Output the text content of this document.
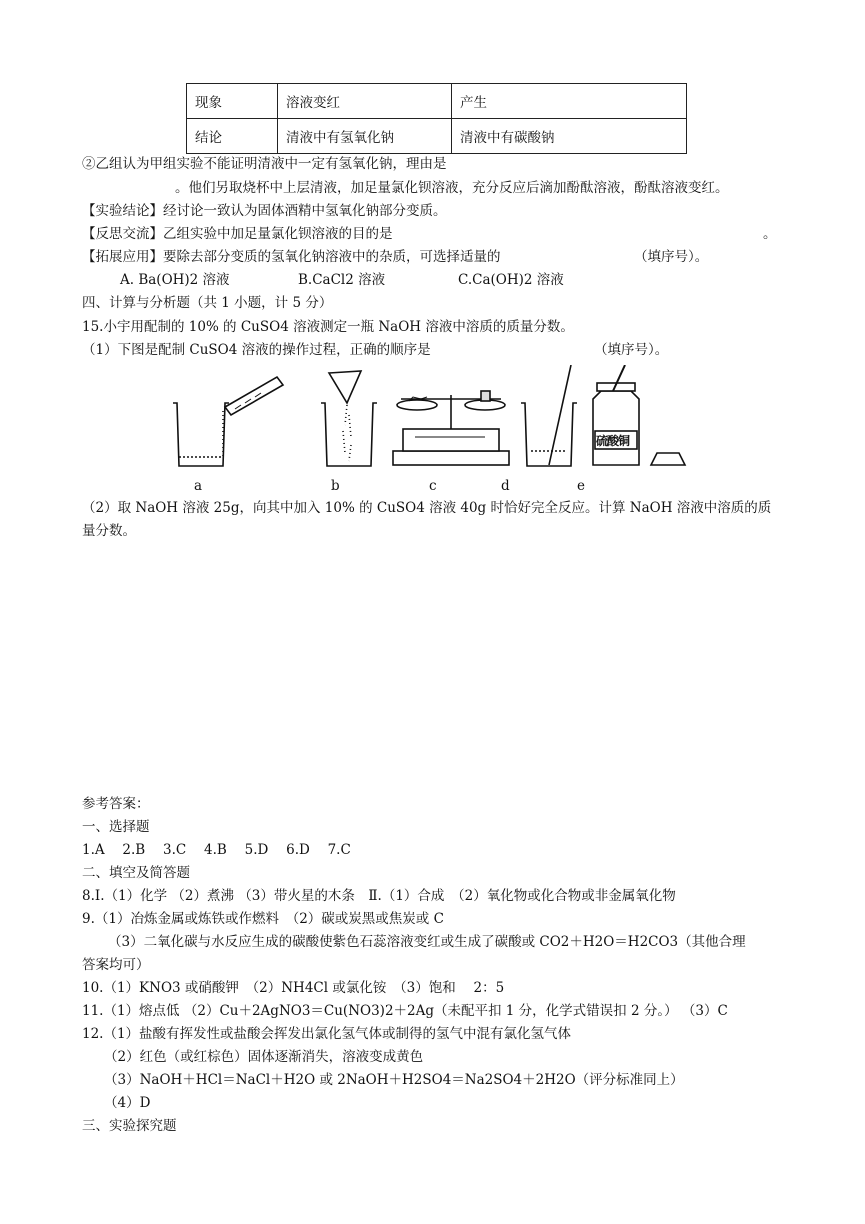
现象	溶液变红	产生
结论	清液中有氢氧化钠	清液中有碳酸钠
②乙组认为甲组实验不能证明清液中一定有氢氧化钠，理由是
。他们另取烧杯中上层清液，加足量氯化钡溶液，充分反应后滴加酚酞溶液，酚酞溶液变红。
【实验结论】经讨论一致认为固体酒精中氢氧化钠部分变质。
【反思交流】乙组实验中加足量氯化钡溶液的目的是	。
【拓展应用】要除去部分变质的氢氧化钠溶液中的杂质，可选择适量的	（填序号）。
A. Ba(OH)2 溶液	B.CaCl2 溶液	C.Ca(OH)2 溶液
四、计算与分析题（共 1 小题，计 5 分）
15.小宇用配制的 10% 的 CuSO4 溶液测定一瓶 NaOH 溶液中溶质的质量分数。
（1）下图是配制 CuSO4 溶液的操作过程，正确的顺序是	（填序号）。
硫酸铜
a	b	c	d	e
（2）取 NaOH 溶液 25g，向其中加入 10% 的 CuSO4 溶液 40g 时恰好完全反应。计算 NaOH 溶液中溶质的质
量分数。
参考答案：
一、选择题
1.A　 2.B　 3.C　 4.B　 5.D　 6.D　 7.C
二、填空及简答题
8.Ⅰ.（1）化学 （2）煮沸 （3）带火星的木条　Ⅱ.（1）合成　（2）氧化物或化合物或非金属氧化物
9.（1）冶炼金属或炼铁或作燃料　（2）碳或炭黑或焦炭或 C
（3）二氧化碳与水反应生成的碳酸使紫色石蕊溶液变红或生成了碳酸或 CO2＋H2O＝H2CO3（其他合理
答案均可）
10.（1）KNO3 或硝酸钾　（2）NH4Cl 或氯化铵　（3）饱和　 2：5
11.（1）熔点低 （2）Cu＋2AgNO3＝Cu(NO3)2＋2Ag（未配平扣 1 分，化学式错误扣 2 分。） （3）C
12.（1）盐酸有挥发性或盐酸会挥发出氯化氢气体或制得的氢气中混有氯化氢气体
（2）红色（或红棕色）固体逐渐消失，溶液变成黄色
（3）NaOH＋HCl＝NaCl＋H2O 或 2NaOH＋H2SO4＝Na2SO4＋2H2O（评分标准同上）
（4）D
三、实验探究题
